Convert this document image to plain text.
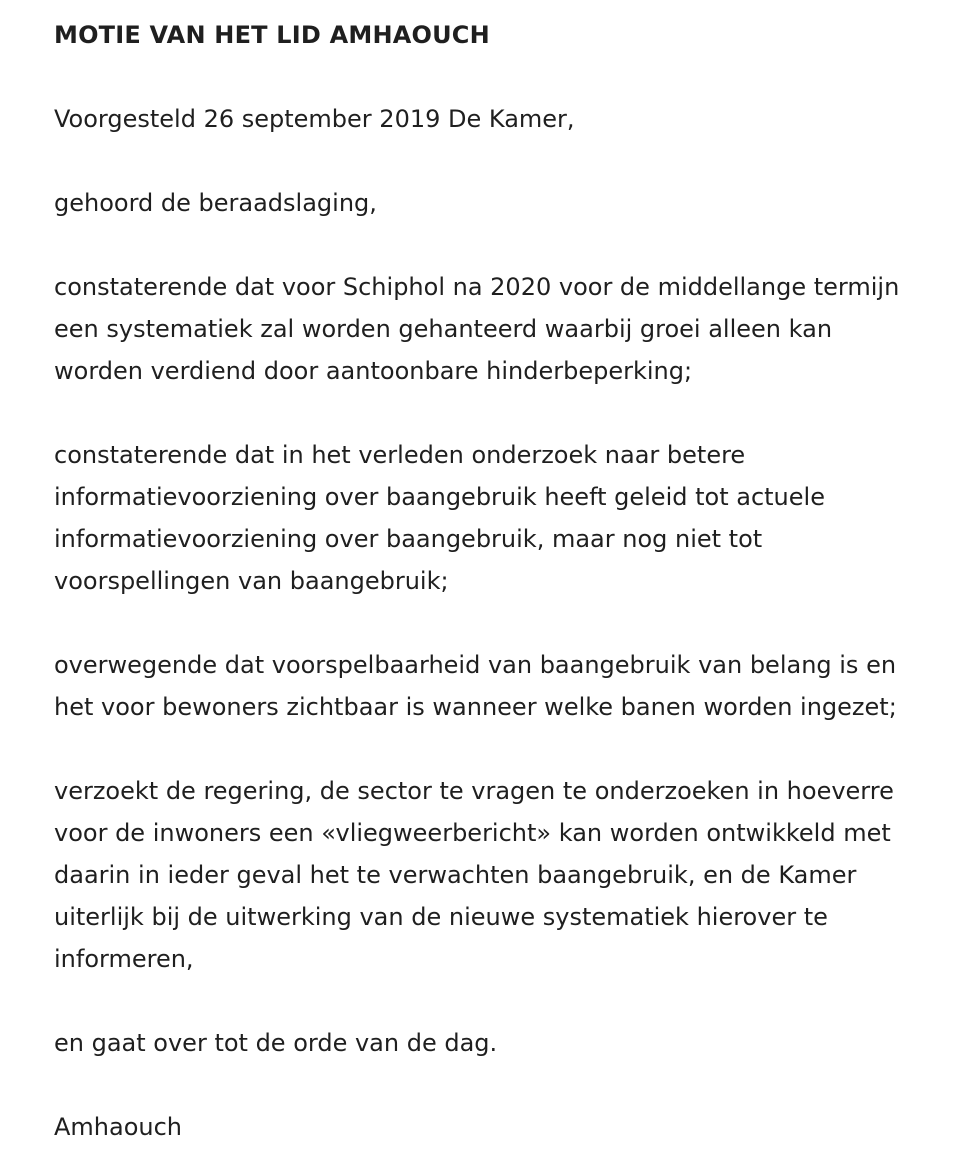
MOTIE VAN HET LID AMHAOUCH
Voorgesteld 26 september 2019 De Kamer,
gehoord de beraadslaging,
constaterende dat voor Schiphol na 2020 voor de middellange termijn
een systematiek zal worden gehanteerd waarbij groei alleen kan
worden verdiend door aantoonbare hinderbeperking;
constaterende dat in het verleden onderzoek naar betere
informatievoorziening over baangebruik heeft geleid tot actuele
informatievoorziening over baangebruik, maar nog niet tot
voorspellingen van baangebruik;
overwegende dat voorspelbaarheid van baangebruik van belang is en
het voor bewoners zichtbaar is wanneer welke banen worden ingezet;
verzoekt de regering, de sector te vragen te onderzoeken in hoeverre
voor de inwoners een «vliegweerbericht» kan worden ontwikkeld met
daarin in ieder geval het te verwachten baangebruik, en de Kamer
uiterlijk bij de uitwerking van de nieuwe systematiek hierover te
informeren,
en gaat over tot de orde van de dag.
Amhaouch
